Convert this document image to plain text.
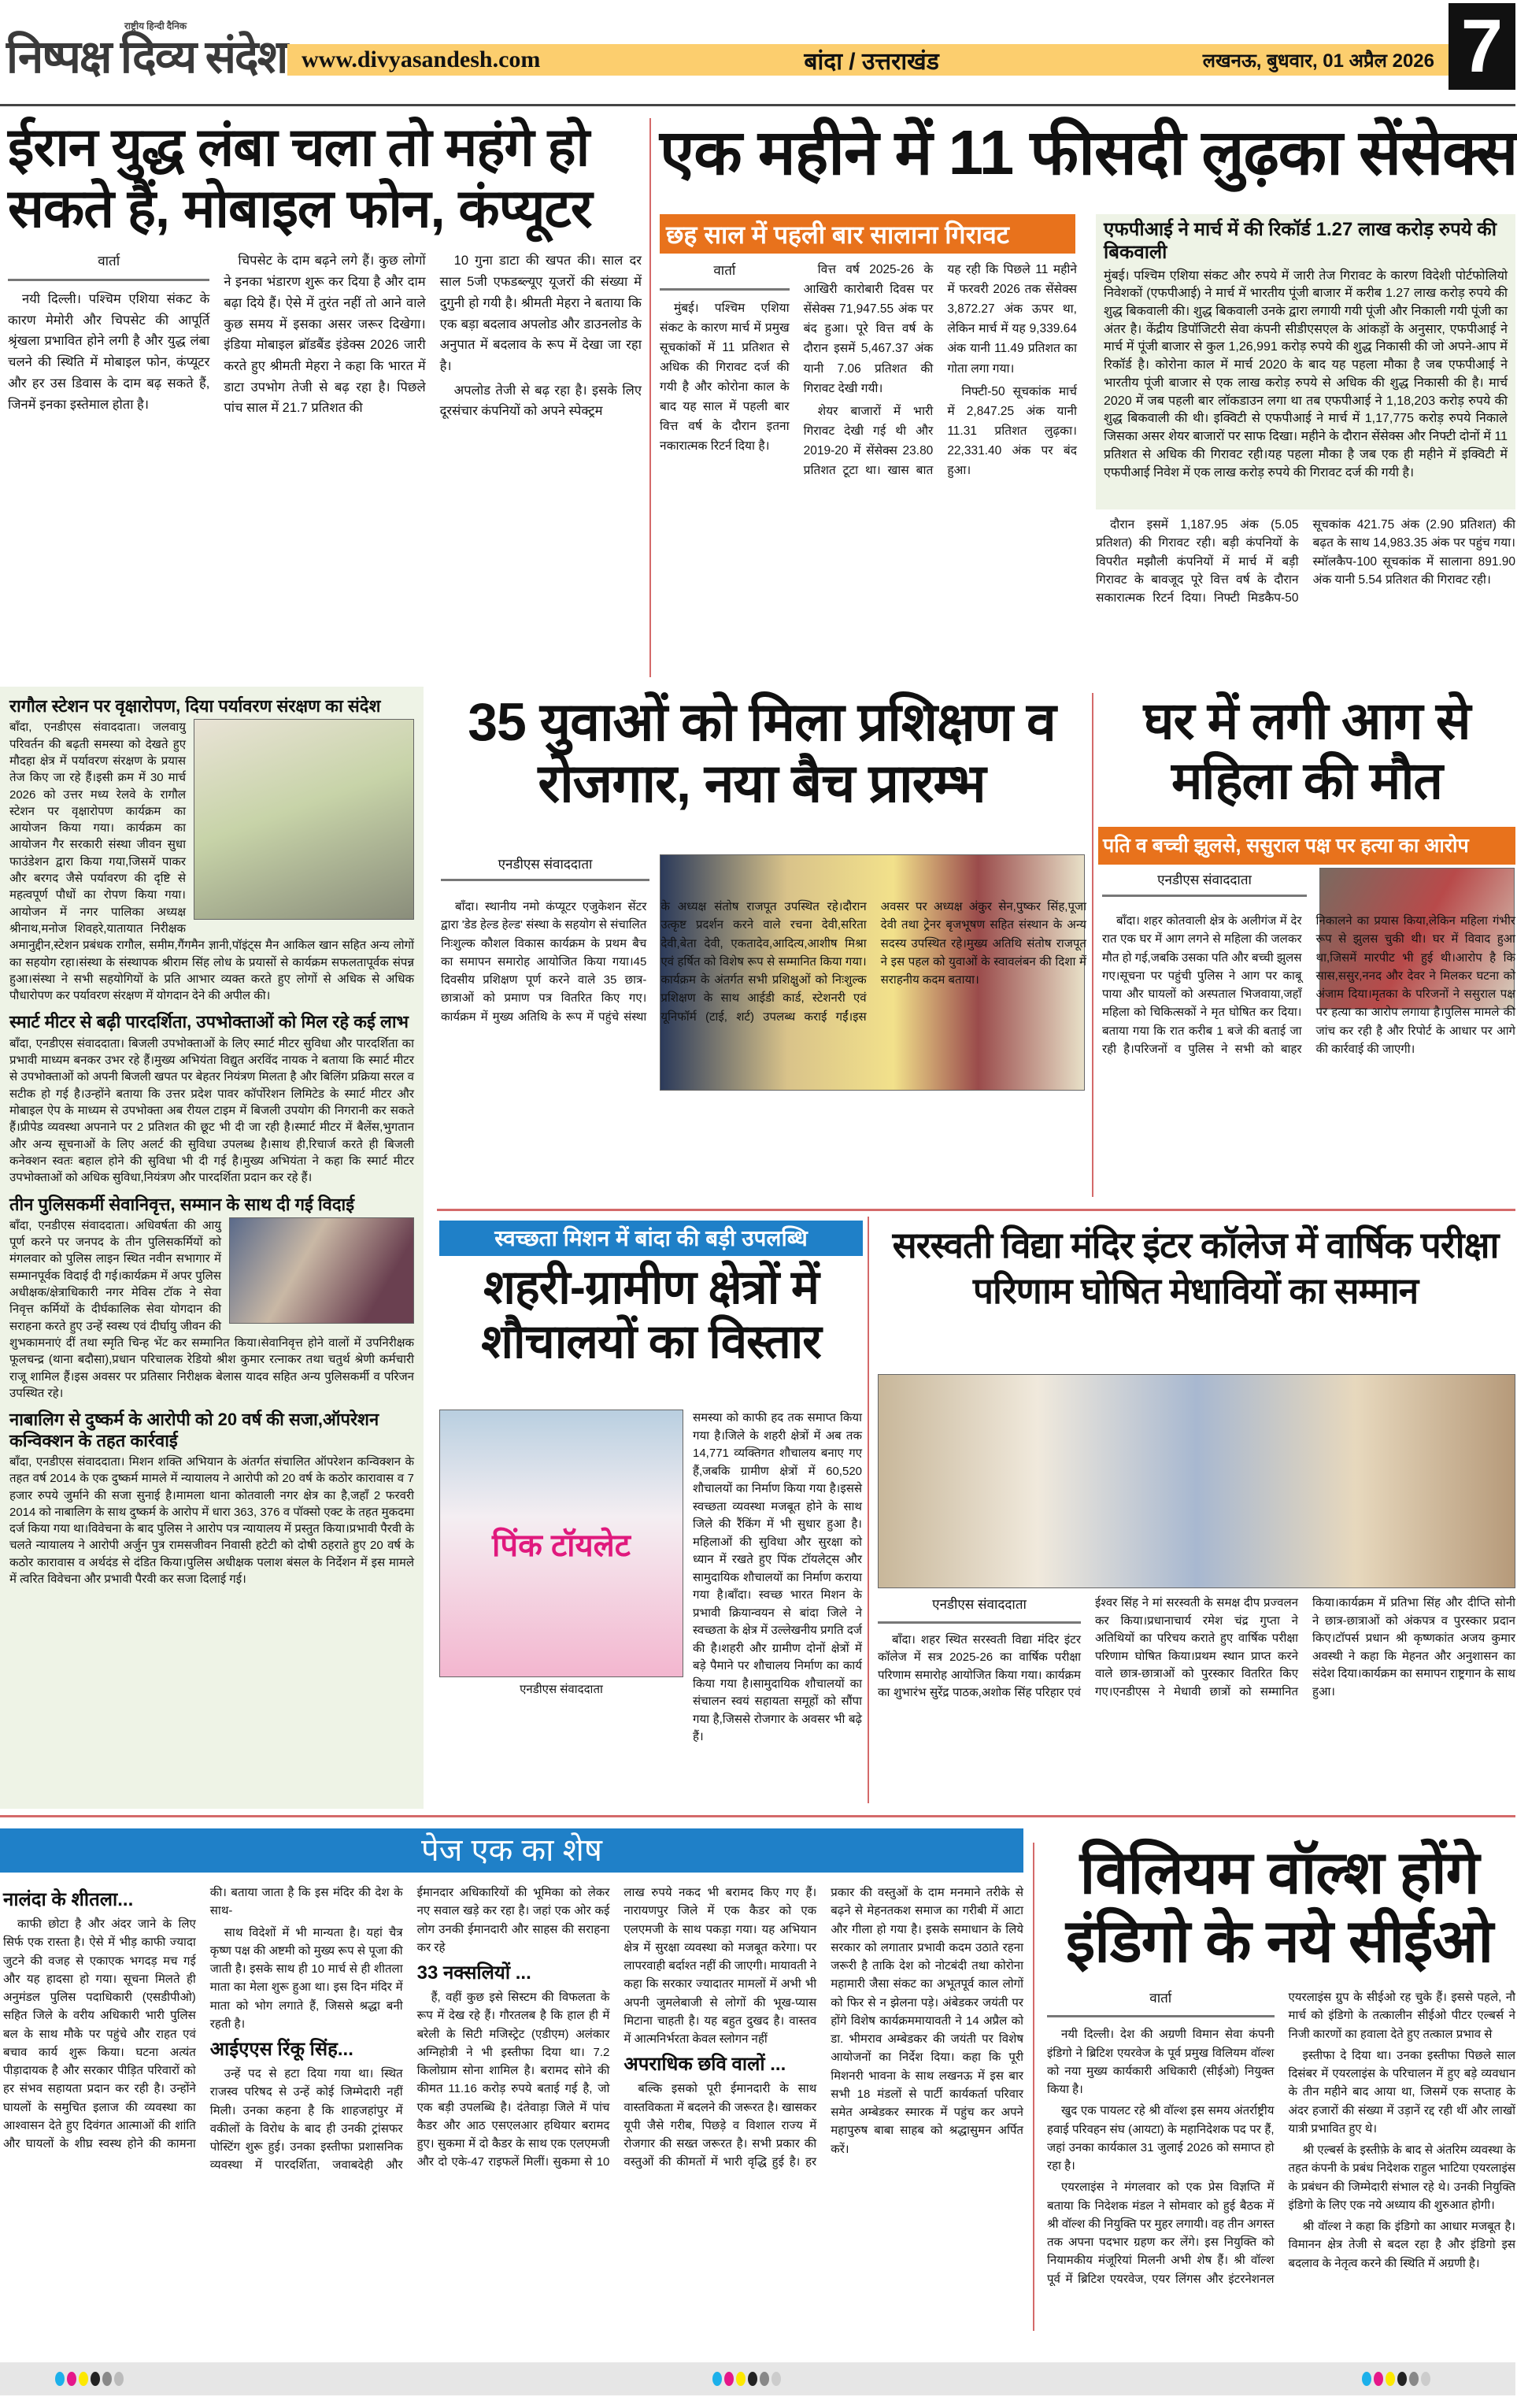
राष्ट्रीय हिन्दी दैनिक
निष्पक्ष दिव्य संदेश www.divyasandesh.com	बांदा / उत्तराखंड	लखनऊ, बुधवार, 01 अप्रैल 2026 7
ईरान युद्ध लंबा चला तो महंगे हो सकते हैं, मोबाइल फोन, कंप्यूटर
वार्ता

नयी दिल्ली। पश्चिम एशिया संकट के कारण मेमोरी और चिपसेट की आपूर्ति श्रृंखला प्रभावित होने लगी है और युद्ध लंबा चलने की स्थिति में मोबाइल फोन, कंप्यूटर और हर उस डिवास के दाम बढ़ सकते हैं, जिनमें इनका इस्तेमाल होता है।

चिपसेट के दाम बढ़ने लगे हैं। कुछ लोगों ने इनका भंडारण शुरू कर दिया है और दाम बढ़ा दिये हैं। ऐसे में तुरंत नहीं तो आने वाले कुछ समय में इसका असर जरूर दिखेगा। इंडिया मोबाइल ब्रॉडबैंड इंडेक्स 2026 जारी करते हुए श्रीमती मेहरा ने कहा कि भारत में डाटा उपभोग तेजी से बढ़ रहा है। पिछले पांच साल में 21.7 प्रतिशत की

10 गुना डाटा की खपत की। साल दर साल 5जी एफडब्ल्यूए यूजरों की संख्या में दुगुनी हो गयी है। श्रीमती मेहरा ने बताया कि एक बड़ा बदलाव अपलोड और डाउनलोड के अनुपात में बदलाव के रूप में देखा जा रहा है।

अपलोड तेजी से बढ़ रहा है। इसके लिए दूरसंचार कंपनियों को अपने स्पेक्ट्रम

एक महीने में 11 फीसदी लुढ़का सेंसेक्स
छह साल में पहली बार सालाना गिरावट
वार्ता

मुंबई। पश्चिम एशिया संकट के कारण मार्च में प्रमुख सूचकांकों में 11 प्रतिशत से अधिक की गिरावट दर्ज की गयी है और कोरोना काल के बाद यह साल में पहली बार वित्त वर्ष के दौरान इतना नकारात्मक रिटर्न दिया है।

वित्त वर्ष 2025-26 के आखिरी कारोबारी दिवस पर सेंसेक्स 71,947.55 अंक पर बंद हुआ। पूरे वित्त वर्ष के दौरान इसमें 5,467.37 अंक यानी 7.06 प्रतिशत की गिरावट देखी गयी।

शेयर बाजारों में भारी गिरावट देखी गई थी और 2019-20 में सेंसेक्स 23.80 प्रतिशत टूटा था। खास बात यह रही कि पिछले 11 महीने में फरवरी 2026 तक सेंसेक्स 3,872.27 अंक ऊपर था, लेकिन मार्च में यह 9,339.64 अंक यानी 11.49 प्रतिशत का गोता लगा गया।

निफ्टी-50 सूचकांक मार्च में 2,847.25 अंक यानी 11.31 प्रतिशत लुढ़का। 22,331.40 अंक पर बंद हुआ।

एफपीआई ने मार्च में की रिकॉर्ड 1.27 लाख करोड़ रुपये की बिकवाली
मुंबई। पश्चिम एशिया संकट और रुपये में जारी तेज गिरावट के कारण विदेशी पोर्टफोलियो निवेशकों (एफपीआई) ने मार्च में भारतीय पूंजी बाजार में करीब 1.27 लाख करोड़ रुपये की शुद्ध बिकवाली की। शुद्ध बिकवाली उनके द्वारा लगायी गयी पूंजी और निकाली गयी पूंजी का अंतर है। केंद्रीय डिपॉजिटरी सेवा कंपनी सीडीएसएल के आंकड़ों के अनुसार, एफपीआई ने मार्च में पूंजी बाजार से कुल 1,26,991 करोड़ रुपये की शुद्ध निकासी की जो अपने-आप में रिकॉर्ड है। कोरोना काल में मार्च 2020 के बाद यह पहला मौका है जब एफपीआई ने भारतीय पूंजी बाजार से एक लाख करोड़ रुपये से अधिक की शुद्ध निकासी की है। मार्च 2020 में जब पहली बार लॉकडाउन लगा था तब एफपीआई ने 1,18,203 करोड़ रुपये की शुद्ध बिकवाली की थी। इक्विटी से एफपीआई ने मार्च में 1,17,775 करोड़ रुपये निकाले जिसका असर शेयर बाजारों पर साफ दिखा। महीने के दौरान सेंसेक्स और निफ्टी दोनों में 11 प्रतिशत से अधिक की गिरावट रही।यह पहला मौका है जब एक ही महीने में इक्विटी में एफपीआई निवेश में एक लाख करोड़ रुपये की गिरावट दर्ज की गयी है।

दौरान इसमें 1,187.95 अंक (5.05 प्रतिशत) की गिरावट रही। बड़ी कंपनियों के विपरीत मझौली कंपनियों में मार्च में बड़ी गिरावट के बावजूद पूरे वित्त वर्ष के दौरान सकारात्मक रिटर्न दिया। निफ्टी मिडकैप-50 सूचकांक 421.75 अंक (2.90 प्रतिशत) की बढ़त के साथ 14,983.35 अंक पर पहुंच गया। स्मॉलकैप-100 सूचकांक में सालाना 891.90 अंक यानी 5.54 प्रतिशत की गिरावट रही।

रागौल स्टेशन पर वृक्षारोपण, दिया पर्यावरण संरक्षण का संदेश
बाँदा, एनडीएस संवाददाता। जलवायु परिवर्तन की बढ़ती समस्या को देखते हुए मौदहा क्षेत्र में पर्यावरण संरक्षण के प्रयास तेज किए जा रहे हैं।इसी क्रम में 30 मार्च 2026 को उत्तर मध्य रेलवे के रागौल स्टेशन पर वृक्षारोपण कार्यक्रम का आयोजन किया गया। कार्यक्रम का आयोजन गैर सरकारी संस्था जीवन सुधा फाउंडेशन द्वारा किया गया,जिसमें पाकर और बरगद जैसे पर्यावरण की दृष्टि से महत्वपूर्ण पौधों का रोपण किया गया।आयोजन में नगर पालिका अध्यक्ष श्रीनाथ,मनोज शिवहरे,यातायात निरीक्षक अमानुद्दीन,स्टेशन प्रबंधक रागौल, समीम,गैंगमैन ज्ञानी,पॉइंट्स मैन आकिल खान सहित अन्य लोगों का सहयोग रहा।संस्था के संस्थापक श्रीराम सिंह लोध के प्रयासों से कार्यक्रम सफलतापूर्वक संपन्न हुआ।संस्था ने सभी सहयोगियों के प्रति आभार व्यक्त करते हुए लोगों से अधिक से अधिक पौधारोपण कर पर्यावरण संरक्षण में योगदान देने की अपील की।
स्मार्ट मीटर से बढ़ी पारदर्शिता, उपभोक्ताओं को मिल रहे कई लाभ
बाँदा, एनडीएस संवाददाता। बिजली उपभोक्ताओं के लिए स्मार्ट मीटर सुविधा और पारदर्शिता का प्रभावी माध्यम बनकर उभर रहे हैं।मुख्य अभियंता विद्युत अरविंद नायक ने बताया कि स्मार्ट मीटर से उपभोक्ताओं को अपनी बिजली खपत पर बेहतर नियंत्रण मिलता है और बिलिंग प्रक्रिया सरल व सटीक हो गई है।उन्होंने बताया कि उत्तर प्रदेश पावर कॉर्पोरेशन लिमिटेड के स्मार्ट मीटर और मोबाइल ऐप के माध्यम से उपभोक्ता अब रीयल टाइम में बिजली उपयोग की निगरानी कर सकते हैं।प्रीपेड व्यवस्था अपनाने पर 2 प्रतिशत की छूट भी दी जा रही है।स्मार्ट मीटर में बैलेंस,भुगतान और अन्य सूचनाओं के लिए अलर्ट की सुविधा उपलब्ध है।साथ ही,रिचार्ज करते ही बिजली कनेक्शन स्वतः बहाल होने की सुविधा भी दी गई है।मुख्य अभियंता ने कहा कि स्मार्ट मीटर उपभोक्ताओं को अधिक सुविधा,नियंत्रण और पारदर्शिता प्रदान कर रहे हैं।
तीन पुलिसकर्मी सेवानिवृत्त, सम्मान के साथ दी गई विदाई
बाँदा, एनडीएस संवाददाता। अधिवर्षता की आयु पूर्ण करने पर जनपद के तीन पुलिसकर्मियों को मंगलवार को पुलिस लाइन स्थित नवीन सभागार में सम्मानपूर्वक विदाई दी गई।कार्यक्रम में अपर पुलिस अधीक्षक/क्षेत्राधिकारी नगर मेविस टॉक ने सेवा निवृत्त कर्मियों के दीर्घकालिक सेवा योगदान की सराहना करते हुए उन्हें स्वस्थ एवं दीर्घायु जीवन की शुभकामनाएं दीं तथा स्मृति चिन्ह भेंट कर सम्मानित किया।सेवानिवृत्त होने वालों में उपनिरीक्षक फूलचन्द्र (थाना बदौसा),प्रधान परिचालक रेडियो श्रीश कुमार रत्नाकर तथा चतुर्थ श्रेणी कर्मचारी राजू शामिल हैं।इस अवसर पर प्रतिसार निरीक्षक बेलास यादव सहित अन्य पुलिसकर्मी व परिजन उपस्थित रहे।
नाबालिग से दुष्कर्म के आरोपी को 20 वर्ष की सजा,ऑपरेशन कन्विक्शन के तहत कार्रवाई
बाँदा, एनडीएस संवाददाता। मिशन शक्ति अभियान के अंतर्गत संचालित ऑपरेशन कन्विक्शन के तहत वर्ष 2014 के एक दुष्कर्म मामले में न्यायालय ने आरोपी को 20 वर्ष के कठोर कारावास व 7 हजार रुपये जुर्माने की सजा सुनाई है।मामला थाना कोतवाली नगर क्षेत्र का है,जहाँ 2 फरवरी 2014 को नाबालिग के साथ दुष्कर्म के आरोप में धारा 363, 376 व पॉक्सो एक्ट के तहत मुकदमा दर्ज किया गया था।विवेचना के बाद पुलिस ने आरोप पत्र न्यायालय में प्रस्तुत किया।प्रभावी पैरवी के चलते न्यायालय ने आरोपी अर्जुन पुत्र रामसजीवन निवासी हटेटी को दोषी ठहराते हुए 20 वर्ष के कठोर कारावास व अर्थदंड से दंडित किया।पुलिस अधीक्षक पलाश बंसल के निर्देशन में इस मामले में त्वरित विवेचना और प्रभावी पैरवी कर सजा दिलाई गई।
35 युवाओं को मिला प्रशिक्षण व रोजगार, नया बैच प्रारम्भ
एनडीएस संवाददाता

बाँदा। स्थानीय नमो कंप्यूटर एजुकेशन सेंटर द्वारा 'डेड हेल्ड हेल्ड' संस्था के सहयोग से संचालित निःशुल्क कौशल विकास कार्यक्रम के प्रथम बैच का समापन समारोह आयोजित किया गया।45 दिवसीय प्रशिक्षण पूर्ण करने वाले 35 छात्र-छात्राओं को प्रमाण पत्र वितरित किए गए।कार्यक्रम में मुख्य अतिथि के रूप में पहुंचे संस्था के अध्यक्ष संतोष राजपूत उपस्थित रहे।दौरान उत्कृष्ट प्रदर्शन करने वाले रचना देवी,सरिता देवी,बेता देवी, एकतादेव,आदित्य,आशीष मिश्रा एवं हर्षित को विशेष रूप से सम्मानित किया गया।कार्यक्रम के अंतर्गत सभी प्रशिक्षुओं को निःशुल्क प्रशिक्षण के साथ आईडी कार्ड, स्टेशनरी एवं यूनिफॉर्म (टाई, शर्ट) उपलब्ध कराई गईं।इस अवसर पर अध्यक्ष अंकुर सेन,पुष्कर सिंह,पूजा देवी तथा ट्रेनर बृजभूषण सहित संस्थान के अन्य सदस्य उपस्थित रहे।मुख्य अतिथि संतोष राजपूत ने इस पहल को युवाओं के स्वावलंबन की दिशा में सराहनीय कदम बताया।

घर में लगी आग से महिला की मौत
पति व बच्ची झुलसे, ससुराल पक्ष पर हत्या का आरोप
एनडीएस संवाददाता

बाँदा। शहर कोतवाली क्षेत्र के अलीगंज में देर रात एक घर में आग लगने से महिला की जलकर मौत हो गई,जबकि उसका पति और बच्ची झुलस गए।सूचना पर पहुंची पुलिस ने आग पर काबू पाया और घायलों को अस्पताल भिजवाया,जहाँ महिला को चिकित्सकों ने मृत घोषित कर दिया।बताया गया कि रात करीब 1 बजे की बताई जा रही है।परिजनों व पुलिस ने सभी को बाहर निकालने का प्रयास किया,लेकिन महिला गंभीर रूप से झुलस चुकी थी। घर में विवाद हुआ था,जिसमें मारपीट भी हुई थी।आरोप है कि सास,ससुर,ननद और देवर ने मिलकर घटना को अंजाम दिया।मृतका के परिजनों ने ससुराल पक्ष पर हत्या का आरोप लगाया है।पुलिस मामले की जांच कर रही है और रिपोर्ट के आधार पर आगे की कार्रवाई की जाएगी।

स्वच्छता मिशन में बांदा की बड़ी उपलब्धि
शहरी-ग्रामीण क्षेत्रों में शौचालयों का विस्तार
पिंक टॉयलेट
एनडीएस संवाददाता
समस्या को काफी हद तक समाप्त किया गया है।जिले के शहरी क्षेत्रों में अब तक 14,771 व्यक्तिगत शौचालय बनाए गए हैं,जबकि ग्रामीण क्षेत्रों में 60,520 शौचालयों का निर्माण किया गया है।इससे स्वच्छता व्यवस्था मजबूत होने के साथ जिले की रैंकिंग में भी सुधार हुआ है।महिलाओं की सुविधा और सुरक्षा को ध्यान में रखते हुए पिंक टॉयलेट्स और सामुदायिक शौचालयों का निर्माण कराया गया है।बाँदा। स्वच्छ भारत मिशन के प्रभावी क्रियान्वयन से बांदा जिले ने स्वच्छता के क्षेत्र में उल्लेखनीय प्रगति दर्ज की है।शहरी और ग्रामीण दोनों क्षेत्रों में बड़े पैमाने पर शौचालय निर्माण का कार्य किया गया है।सामुदायिक शौचालयों का संचालन स्वयं सहायता समूहों को सौंपा गया है,जिससे रोजगार के अवसर भी बढ़े हैं।
सरस्वती विद्या मंदिर इंटर कॉलेज में वार्षिक परीक्षा परिणाम घोषित मेधावियों का सम्मान
एनडीएस संवाददाता

बाँदा। शहर स्थित सरस्वती विद्या मंदिर इंटर कॉलेज में सत्र 2025-26 का वार्षिक परीक्षा परिणाम समारोह आयोजित किया गया। कार्यक्रम का शुभारंभ सुरेंद्र पाठक,अशोक सिंह परिहार एवं ईश्वर सिंह ने मां सरस्वती के समक्ष दीप प्रज्वलन कर किया।प्रधानाचार्य रमेश चंद्र गुप्ता ने अतिथियों का परिचय कराते हुए वार्षिक परीक्षा परिणाम घोषित किया।प्रथम स्थान प्राप्त करने वाले छात्र-छात्राओं को पुरस्कार वितरित किए गए।एनडीएस ने मेधावी छात्रों को सम्मानित किया।कार्यक्रम में प्रतिभा सिंह और दीप्ति सोनी ने छात्र-छात्राओं को अंकपत्र व पुरस्कार प्रदान किए।टॉपर्स प्रधान श्री कृष्णकांत अजय कुमार अवस्थी ने कहा कि मेहनत और अनुशासन का संदेश दिया।कार्यक्रम का समापन राष्ट्रगान के साथ हुआ।

पेज एक का शेष
नालंदा के शीतला...

काफी छोटा है और अंदर जाने के लिए सिर्फ एक रास्ता है। ऐसे में भीड़ काफी ज्यादा जुटने की वजह से एकाएक भगदड़ मच गई और यह हादसा हो गया। सूचना मिलते ही अनुमंडल पुलिस पदाधिकारी (एसडीपीओ) सहित जिले के वरीय अधिकारी भारी पुलिस बल के साथ मौके पर पहुंचे और राहत एवं बचाव कार्य शुरू किया। घटना अत्यंत पीड़ादायक है और सरकार पीड़ित परिवारों को हर संभव सहायता प्रदान कर रही है। उन्होंने घायलों के समुचित इलाज की व्यवस्था का आश्वासन देते हुए दिवंगत आत्माओं की शांति और घायलों के शीघ्र स्वस्थ होने की कामना की। बताया जाता है कि इस मंदिर की देश के साथ-

साथ विदेशों में भी मान्यता है। यहां चैत्र कृष्ण पक्ष की अष्टमी को मुख्य रूप से पूजा की जाती है। इसके साथ ही 10 मार्च से ही शीतला माता का मेला शुरू हुआ था। इस दिन मंदिर में माता को भोग लगाते हैं, जिससे श्रद्धा बनी रहती है।

आईएएस रिंकू सिंह...

उन्हें पद से हटा दिया गया था। स्थित राजस्व परिषद से उन्हें कोई जिम्मेदारी नहीं मिली। उनका कहना है कि शाहजहांपुर में वकीलों के विरोध के बाद ही उनकी ट्रांसफर पोस्टिंग शुरू हुई। उनका इस्तीफा प्रशासनिक व्यवस्था में पारदर्शिता, जवाबदेही और ईमानदार अधिकारियों की भूमिका को लेकर नए सवाल खड़े कर रहा है। जहां एक ओर कई लोग उनकी ईमानदारी और साहस की सराहना कर रहे

33 नक्सलियों ...

हैं, वहीं कुछ इसे सिस्टम की विफलता के रूप में देख रहे हैं। गौरतलब है कि हाल ही में बरेली के सिटी मजिस्ट्रेट (एडीएम) अलंकार अग्निहोत्री ने भी इस्तीफा दिया था। 7.2 किलोग्राम सोना शामिल है। बरामद सोने की कीमत 11.16 करोड़ रुपये बताई गई है, जो एक बड़ी उपलब्धि है। दंतेवाड़ा जिले में पांच कैडर और आठ एसएलआर हथियार बरामद हुए। सुकमा में दो कैडर के साथ एक एलएमजी और दो एके-47 राइफलें मिलीं। सुकमा से 10 लाख रुपये नकद भी बरामद किए गए हैं। नारायणपुर जिले में एक कैडर को एक एलएमजी के साथ पकड़ा गया। यह अभियान क्षेत्र में सुरक्षा व्यवस्था को मजबूत करेगा। पर लापरवाही बर्दाश्त नहीं की जाएगी। मायावती ने कहा कि सरकार ज्यादातर मामलों में अभी भी अपनी जुमलेबाजी से लोगों की भूख-प्यास मिटाना चाहती है। यह बहुत दुखद है। वास्तव में आत्मनिर्भरता केवल स्लोगन नहीं

अपराधिक छवि वालों ...

बल्कि इसको पूरी ईमानदारी के साथ वास्तविकता में बदलने की जरूरत है। खासकर यूपी जैसे गरीब, पिछड़े व विशाल राज्य में रोजगार की सख्त जरूरत है। सभी प्रकार की वस्तुओं की कीमतों में भारी वृद्धि हुई है। हर प्रकार की वस्तुओं के दाम मनमाने तरीके से बढ़ने से मेहनतकश समाज का गरीबी में आटा और गीला हो गया है। इसके समाधान के लिये सरकार को लगातार प्रभावी कदम उठाते रहना जरूरी है ताकि देश को नोटबंदी तथा कोरोना महामारी जैसा संकट का अभूतपूर्व काल लोगों को फिर से न झेलना पड़े। अंबेडकर जयंती पर होंगे विशेष कार्यक्रममायावती ने 14 अप्रैल को डा. भीमराव अम्बेडकर की जयंती पर विशेष आयोजनों का निर्देश दिया। कहा कि पूरी मिशनरी भावना के साथ लखनऊ में इस बार सभी 18 मंडलों से पार्टी कार्यकर्ता परिवार समेत अम्बेडकर स्मारक में पहुंच कर अपने महापुरुष बाबा साहब को श्रद्धासुमन अर्पित करें।

विलियम वॉल्श होंगे इंडिगो के नये सीईओ
वार्ता

नयी दिल्ली। देश की अग्रणी विमान सेवा कंपनी इंडिगो ने ब्रिटिश एयरवेज के पूर्व प्रमुख विलियम वॉल्श को नया मुख्य कार्यकारी अधिकारी (सीईओ) नियुक्त किया है।

खुद एक पायलट रहे श्री वॉल्श इस समय अंतर्राष्ट्रीय हवाई परिवहन संघ (आयटा) के महानिदेशक पद पर हैं, जहां उनका कार्यकाल 31 जुलाई 2026 को समाप्त हो रहा है।

एयरलाइंस ने मंगलवार को एक प्रेस विज्ञप्ति में बताया कि निदेशक मंडल ने सोमवार को हुई बैठक में श्री वॉल्श की नियुक्ति पर मुहर लगायी। वह तीन अगस्त तक अपना पदभार ग्रहण कर लेंगे। इस नियुक्ति को नियामकीय मंजूरियां मिलनी अभी शेष हैं। श्री वॉल्श पूर्व में ब्रिटिश एयरवेज, एयर लिंगस और इंटरनेशनल एयरलाइंस ग्रुप के सीईओ रह चुके हैं। इससे पहले, नौ मार्च को इंडिगो के तत्कालीन सीईओ पीटर एल्बर्स ने निजी कारणों का हवाला देते हुए तत्काल प्रभाव से

इस्तीफा दे दिया था। उनका इस्तीफा पिछले साल दिसंबर में एयरलाइंस के परिचालन में हुए बड़े व्यवधान के तीन महीने बाद आया था, जिसमें एक सप्ताह के अंदर हजारों की संख्या में उड़ानें रद्द रही थीं और लाखों यात्री प्रभावित हुए थे।

श्री एल्बर्स के इस्तीफ़े के बाद से अंतरिम व्यवस्था के तहत कंपनी के प्रबंध निदेशक राहुल भाटिया एयरलाइंस के प्रबंधन की जिम्मेदारी संभाल रहे थे। उनकी नियुक्ति इंडिगो के लिए एक नये अध्याय की शुरुआत होगी।

श्री वॉल्श ने कहा कि इंडिगो का आधार मजबूत है। विमानन क्षेत्र तेजी से बदल रहा है और इंडिगो इस बदलाव के नेतृत्व करने की स्थिति में अग्रणी है।
